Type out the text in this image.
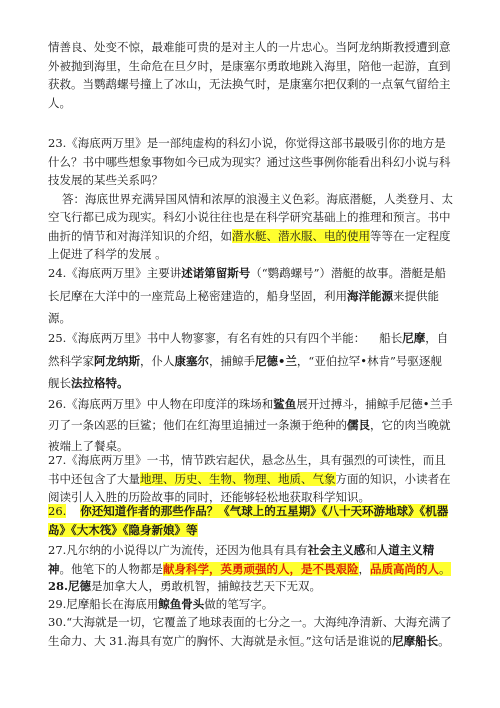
情善良、处变不惊，最难能可贵的是对主人的一片忠心。当阿龙纳斯教授遭到意外被抛到海里，生命危在旦夕时，是康塞尔勇敢地跳入海里，陪他一起游，直到获救。当鹦鹉螺号撞上了冰山，无法换气时，是康塞尔把仅剩的一点氧气留给主人。
23.《海底两万里》是一部纯虚构的科幻小说，你觉得这部书最吸引你的地方是什么？书中哪些想象事物如今已成为现实？通过这些事例你能看出科幻小说与科技发展的某些关系吗？
答：海底世界充满异国风情和浓厚的浪漫主义色彩。海底潜艇，人类登月、太空飞行都已成为现实。科幻小说往往也是在科学研究基础上的推理和预言。书中曲折的情节和对海洋知识的介绍，如潜水艇、潜水服、电的使用等等在一定程度上促进了科学的发展 。
24.《海底两万里》主要讲述诺第留斯号（“鹦鹉螺号”）潜艇的故事。潜艇是船长尼摩在大洋中的一座荒岛上秘密建造的，船身坚固，利用海洋能源来提供能源。
25.《海底两万里》书中人物寥寥，有名有姓的只有四个半能： 船长尼摩，自然科学家阿龙纳斯，仆人康塞尔，捕鲸手尼德•兰，“亚伯拉罕•林肯”号驱逐舰舰长法拉格特。
26.《海底两万里》中人物在印度洋的珠场和鲨鱼展开过搏斗，捕鲸手尼德•兰手刃了一条凶恶的巨鲨；他们在红海里追捕过一条濒于绝种的儒艮，它的肉当晚就被端上了餐桌。
27.《海底两万里》一书，情节跌宕起伏，悬念丛生，具有强烈的可读性，而且书中还包含了大量地理、历史、生物、物理、地质、气象方面的知识，小读者在阅读引人入胜的历险故事的同时，还能够轻松地获取科学知识。
26. 你还知道作者的那些作品？《气球上的五星期》《八十天环游地球》《机器岛》《大木筏》《隐身新娘》等
27.凡尔纳的小说得以广为流传，还因为他具有具有社会主义感和人道主义精神。他笔下的人物都是献身科学，英勇顽强的人，是不畏艰险，品质高尚的人。
28.尼德是加拿大人，勇敢机智，捕鲸技艺天下无双。
29.尼摩船长在海底用鲸鱼骨头做的笔写字。
30.“大海就是一切，它覆盖了地球表面的七分之一。大海纯净清新、大海充满了生命力、大 31.海具有宽广的胸怀、大海就是永恒。”这句话是谁说的尼摩船长。
